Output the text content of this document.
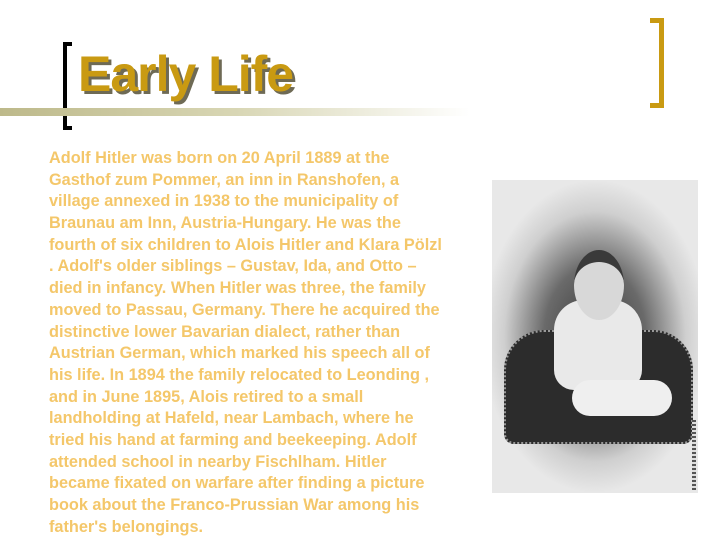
Early Life
Adolf Hitler was born on 20 April 1889 at the
Gasthof zum Pommer, an inn in Ranshofen, a
village annexed in 1938 to the municipality of
Braunau am Inn, Austria-Hungary. He was the
fourth of six children to Alois Hitler and Klara Pölzl
. Adolf's older siblings – Gustav, Ida, and Otto –
died in infancy. When Hitler was three, the family
moved to Passau, Germany. There he acquired the
distinctive lower Bavarian dialect, rather than
Austrian German, which marked his speech all of
his life. In 1894 the family relocated to Leonding ,
and in June 1895, Alois retired to a small
landholding at Hafeld, near Lambach, where he
tried his hand at farming and beekeeping. Adolf
attended school in nearby Fischlham. Hitler
became fixated on warfare after finding a picture
book about the Franco-Prussian War among his
father's belongings.
